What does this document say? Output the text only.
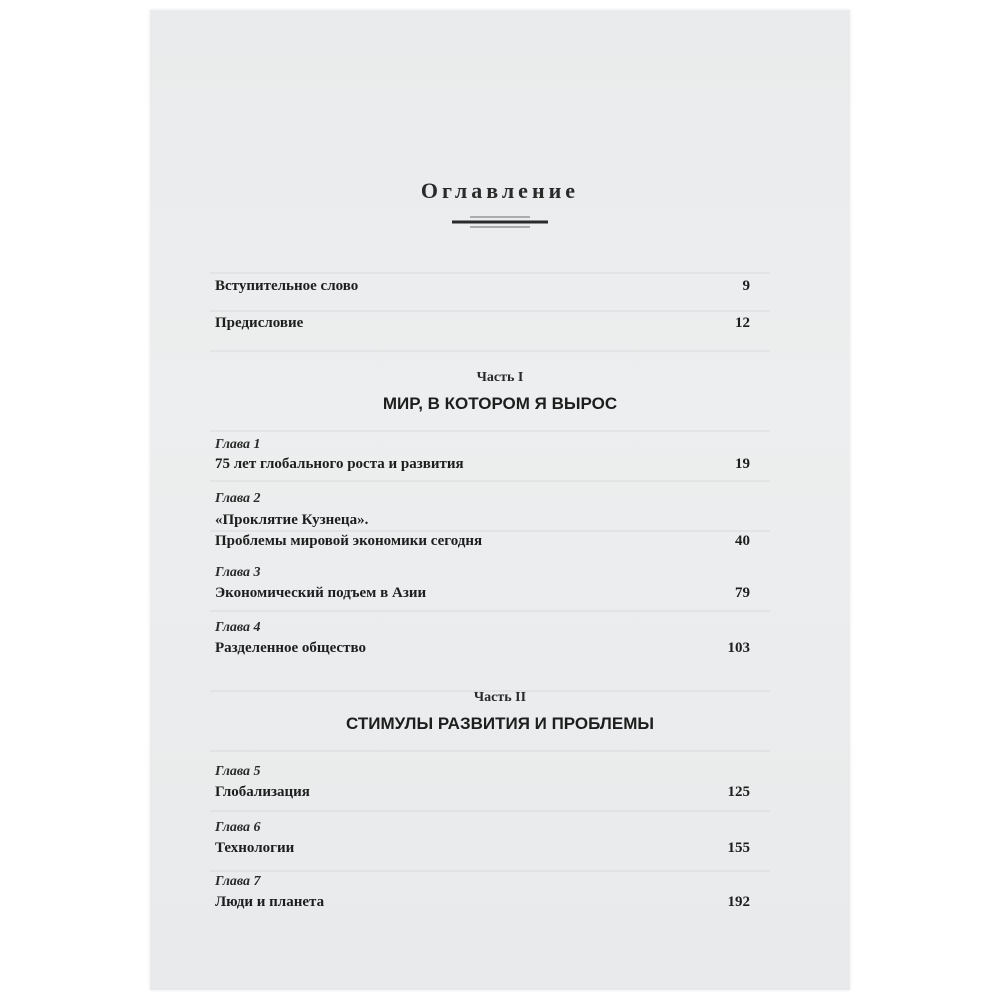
Оглавление
Вступительное слово	9
Предисловие	12
Часть I
МИР, В КОТОРОМ Я ВЫРОС
Глава 1
75 лет глобального роста и развития	19
Глава 2
«Проклятие Кузнеца».
Проблемы мировой экономики сегодня	40
Глава 3
Экономический подъем в Азии	79
Глава 4
Разделенное общество	103
Часть II
СТИМУЛЫ РАЗВИТИЯ И ПРОБЛЕМЫ
Глава 5
Глобализация	125
Глава 6
Технологии	155
Глава 7
Люди и планета	192
